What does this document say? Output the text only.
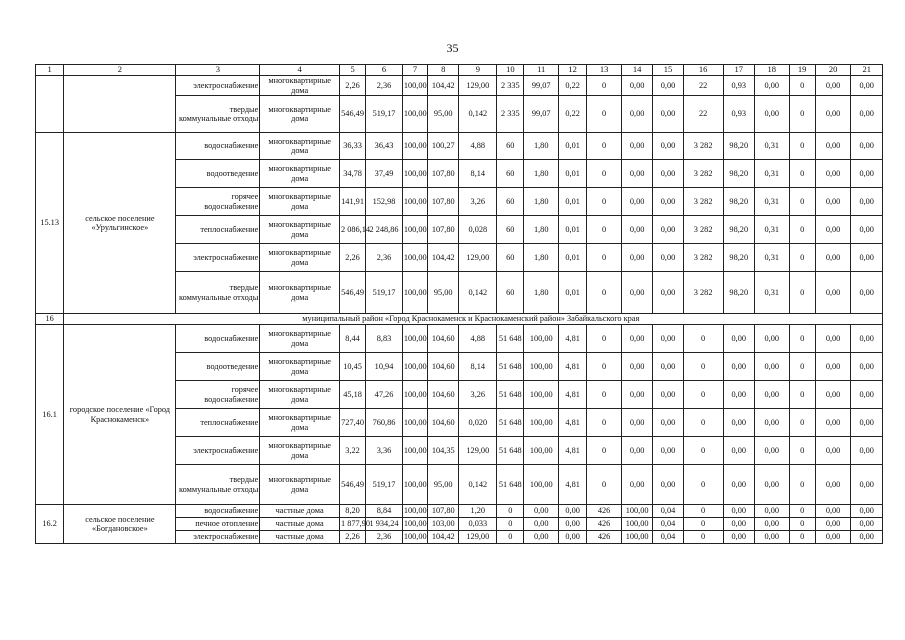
35
1	2	3	4	5	6	7	8	9	10	11	12	13	14	15	16	17	18	19	20	21
		электроснабжение	многоквартирные дома	2,26	2,36	100,00	104,42	129,00	2 335	99,07	0,22	0	0,00	0,00	22	0,93	0,00	0	0,00	0,00
		твердые коммунальные отходы	многоквартирные дома	546,49	519,17	100,00	95,00	0,142	2 335	99,07	0,22	0	0,00	0,00	22	0,93	0,00	0	0,00	0,00
15.13	сельское поселение «Урульгинское»	водоснабжение	многоквартирные дома	36,33	36,43	100,00	100,27	4,88	60	1,80	0,01	0	0,00	0,00	3 282	98,20	0,31	0	0,00	0,00
		водоотведение	многоквартирные дома	34,78	37,49	100,00	107,80	8,14	60	1,80	0,01	0	0,00	0,00	3 282	98,20	0,31	0	0,00	0,00
		горячее водоснабжение	многоквартирные дома	141,91	152,98	100,00	107,80	3,26	60	1,80	0,01	0	0,00	0,00	3 282	98,20	0,31	0	0,00	0,00
		теплоснабжение	многоквартирные дома	2 086,14	2 248,86	100,00	107,80	0,028	60	1,80	0,01	0	0,00	0,00	3 282	98,20	0,31	0	0,00	0,00
		электроснабжение	многоквартирные дома	2,26	2,36	100,00	104,42	129,00	60	1,80	0,01	0	0,00	0,00	3 282	98,20	0,31	0	0,00	0,00
		твердые коммунальные отходы	многоквартирные дома	546,49	519,17	100,00	95,00	0,142	60	1,80	0,01	0	0,00	0,00	3 282	98,20	0,31	0	0,00	0,00
16	муниципальный район «Город Краснокаменск и Краснокаменский район» Забайкальского края																			
16.1	городское поселение «Город Краснокаменск»	водоснабжение	многоквартирные дома	8,44	8,83	100,00	104,60	4,88	51 648	100,00	4,81	0	0,00	0,00	0	0,00	0,00	0	0,00	0,00
		водоотведение	многоквартирные дома	10,45	10,94	100,00	104,60	8,14	51 648	100,00	4,81	0	0,00	0,00	0	0,00	0,00	0	0,00	0,00
		горячее водоснабжение	многоквартирные дома	45,18	47,26	100,00	104,60	3,26	51 648	100,00	4,81	0	0,00	0,00	0	0,00	0,00	0	0,00	0,00
		теплоснабжение	многоквартирные дома	727,40	760,86	100,00	104,60	0,020	51 648	100,00	4,81	0	0,00	0,00	0	0,00	0,00	0	0,00	0,00
		электроснабжение	многоквартирные дома	3,22	3,36	100,00	104,35	129,00	51 648	100,00	4,81	0	0,00	0,00	0	0,00	0,00	0	0,00	0,00
		твердые коммунальные отходы	многоквартирные дома	546,49	519,17	100,00	95,00	0,142	51 648	100,00	4,81	0	0,00	0,00	0	0,00	0,00	0	0,00	0,00
16.2	сельское поселение «Богдановское»	водоснабжение	частные дома	8,20	8,84	100,00	107,80	1,20	0	0,00	0,00	426	100,00	0,04	0	0,00	0,00	0	0,00	0,00
		печное отопление	частные дома	1 877,90	1 934,24	100,00	103,00	0,033	0	0,00	0,00	426	100,00	0,04	0	0,00	0,00	0	0,00	0,00
		электроснабжение	частные дома	2,26	2,36	100,00	104,42	129,00	0	0,00	0,00	426	100,00	0,04	0	0,00	0,00	0	0,00	0,00
